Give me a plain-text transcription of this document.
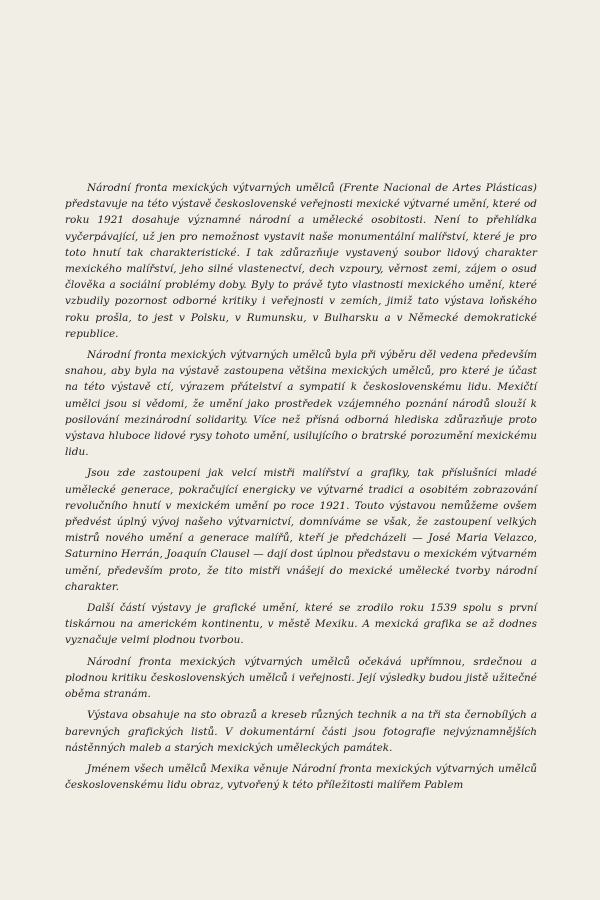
Národní fronta mexických výtvarných umělců (Frente Nacional de Artes Plásticas) představuje na této výstavě československé veřejnosti mexické výtvarné umění, které od roku 1921 dosahuje významné národní a umělecké osobitosti. Není to přehlídka vyčerpávající, už jen pro nemožnost vystavit naše monumentální malířství, které je pro toto hnutí tak charakteristické. I tak zdůrazňuje vystavený soubor lidový charakter mexického malířství, jeho silné vlastenectví, dech vzpoury, věrnost zemi, zájem o osud člověka a sociální problémy doby. Byly to právě tyto vlastnosti mexického umění, které vzbudily pozornost odborné kritiky i veřejnosti v zemích, jimiž tato výstava loňského roku prošla, to jest v Polsku, v Rumunsku, v Bulharsku a v Německé demokratické republice.

Národní fronta mexických výtvarných umělců byla při výběru děl vedena především snahou, aby byla na výstavě zastoupena většina mexických umělců, pro které je účast na této výstavě ctí, výrazem přátelství a sympatií k československému lidu. Mexičtí umělci jsou si vědomi, že umění jako prostředek vzájemného poznání národů slouží k posilování mezinárodní solidarity. Více než přísná odborná hlediska zdůrazňuje proto výstava hluboce lidové rysy tohoto umění, usilujícího o bratrské porozumění mexickému lidu.

Jsou zde zastoupeni jak velcí mistři malířství a grafiky, tak příslušníci mladé umělecké generace, pokračující energicky ve výtvarné tradici a osobitém zobrazování revolučního hnutí v mexickém umění po roce 1921. Touto výstavou nemůžeme ovšem předvést úplný vývoj našeho výtvarnictví, domníváme se však, že zastoupení velkých mistrů nového umění a generace malířů, kteří je předcházeli — José Maria Velazco, Saturnino Herrán, Joaquín Clausel — dají dost úplnou představu o mexickém výtvarném umění, především proto, že tito mistři vnášejí do mexické umělecké tvorby národní charakter.

Další částí výstavy je grafické umění, které se zrodilo roku 1539 spolu s první tiskárnou na americkém kontinentu, v městě Mexiku. A mexická grafika se až dodnes vyznačuje velmi plodnou tvorbou.

Národní fronta mexických výtvarných umělců očekává upřímnou, srdečnou a plodnou kritiku československých umělců i veřejnosti. Její výsledky budou jistě užitečné oběma stranám.

Výstava obsahuje na sto obrazů a kreseb různých technik a na tři sta černobílých a barevných grafických listů. V dokumentární části jsou fotografie nejvýznamnějších nástěnných maleb a starých mexických uměleckých památek.

Jménem všech umělců Mexika věnuje Národní fronta mexických výtvarných umělců československému lidu obraz, vytvořený k této příležitosti malířem Pablem
